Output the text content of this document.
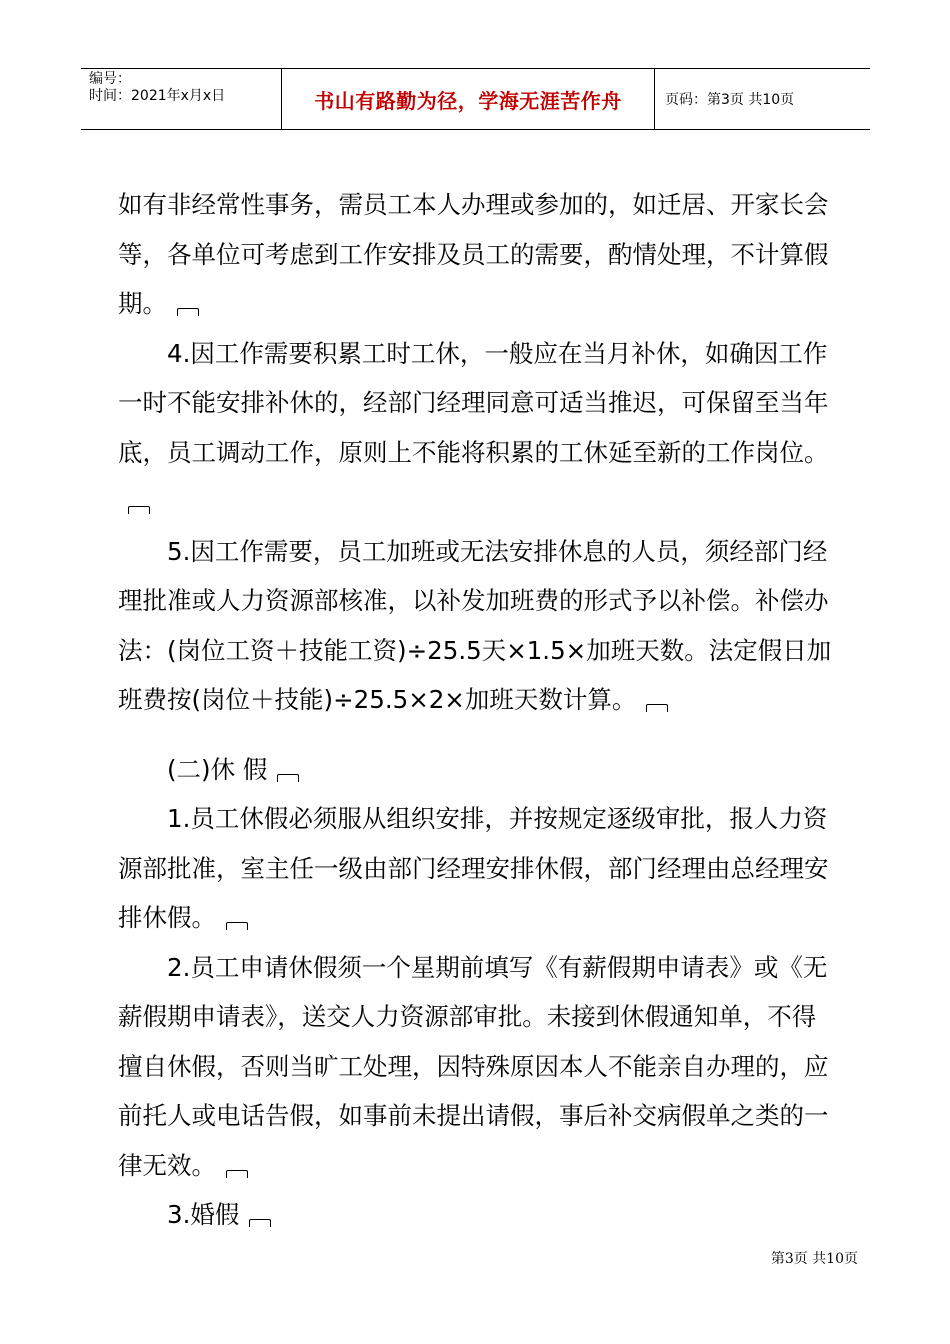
编号：
时间：2021年x月x日	书山有路勤为径，学海无涯苦作舟	页码：第3页 共10页

如有非经常性事务，需员工本人办理或参加的，如迁居、开家长会等，各单位可考虑到工作安排及员工的需要，酌情处理，不计算假期。

4.因工作需要积累工时工休，一般应在当月补休，如确因工作一时不能安排补休的，经部门经理同意可适当推迟，可保留至当年底，员工调动工作，原则上不能将积累的工休延至新的工作岗位。

5.因工作需要，员工加班或无法安排休息的人员，须经部门经理批准或人力资源部核准，以补发加班费的形式予以补偿。补偿办法：(岗位工资＋技能工资)÷25.5天×1.5×加班天数。法定假日加班费按(岗位＋技能)÷25.5×2×加班天数计算。

(二)休 假

1.员工休假必须服从组织安排，并按规定逐级审批，报人力资源部批准，室主任一级由部门经理安排休假，部门经理由总经理安排休假。

2.员工申请休假须一个星期前填写《有薪假期申请表》或《无薪假期申请表》，送交人力资源部审批。未接到休假通知单，不得擅自休假，否则当旷工处理，因特殊原因本人不能亲自办理的，应前托人或电话告假，如事前未提出请假，事后补交病假单之类的一律无效。

3.婚假

第3页 共10页
